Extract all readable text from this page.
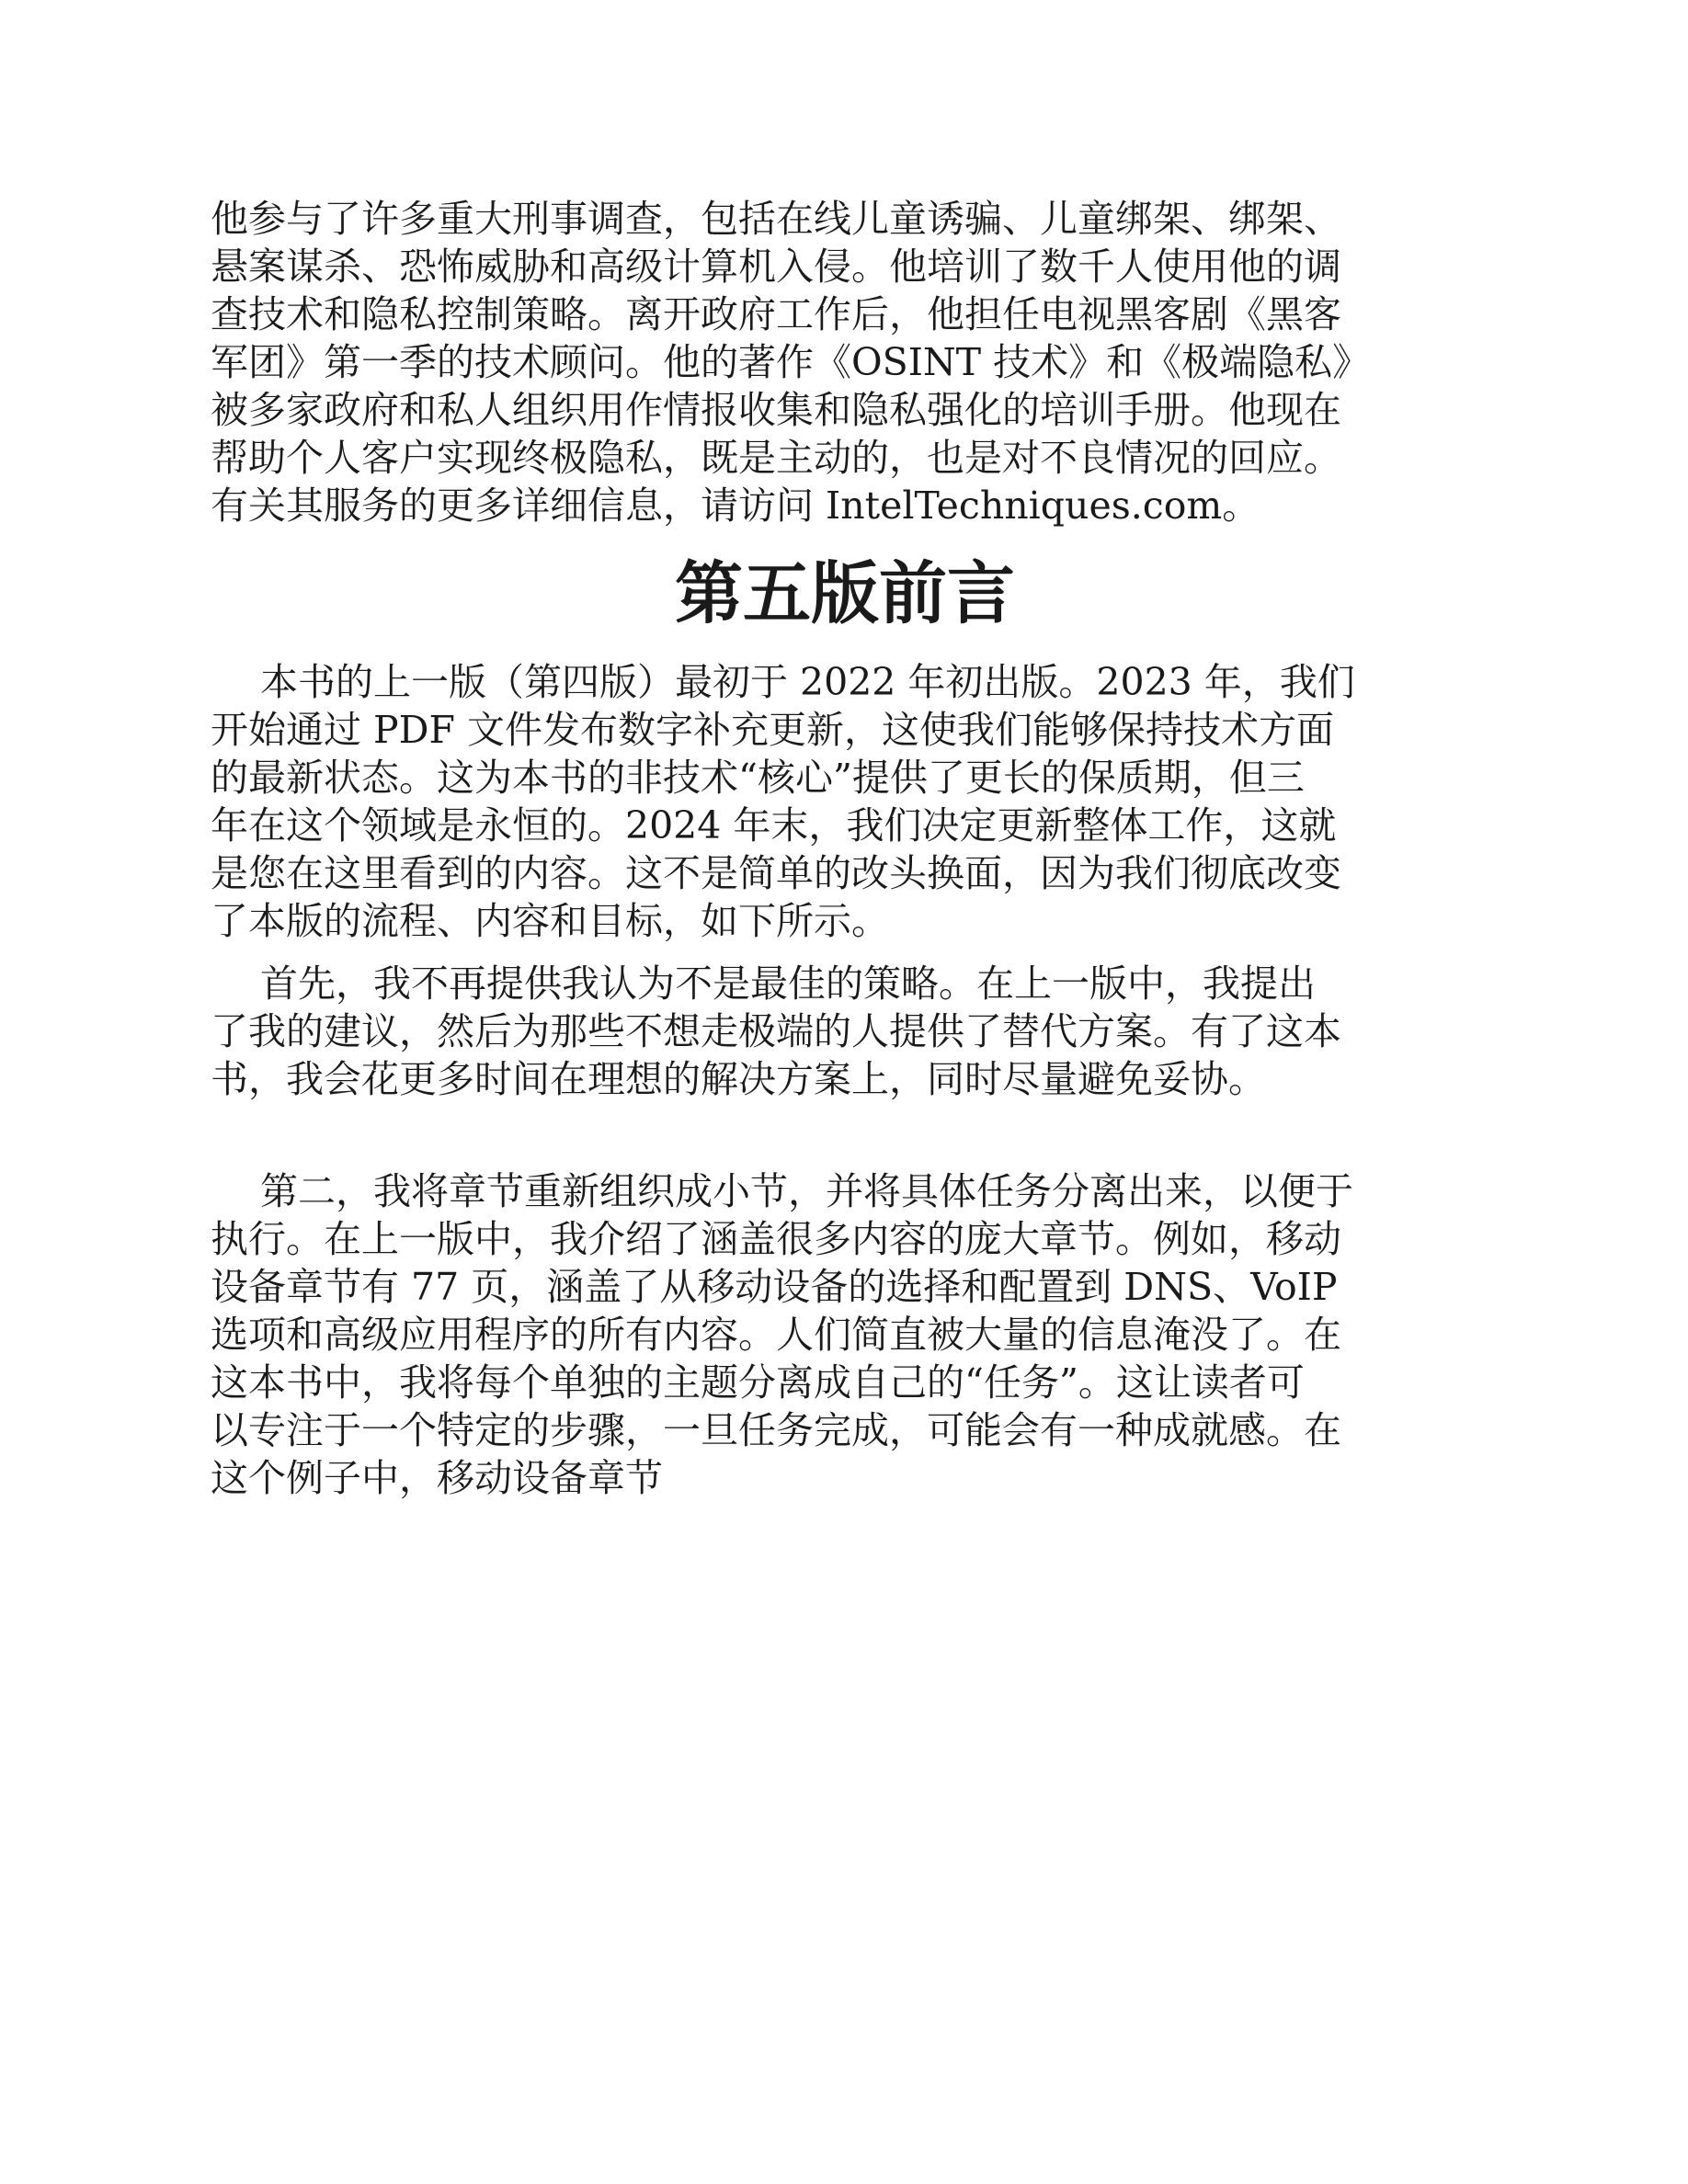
他参与了许多重大刑事调查，包括在线儿童诱骗、儿童绑架、绑架、
悬案谋杀、恐怖威胁和高级计算机入侵。他培训了数千人使用他的调
查技术和隐私控制策略。离开政府工作后，他担任电视黑客剧《黑客
军团》第一季的技术顾问。他的著作《OSINT 技术》和《极端隐私》
被多家政府和私人组织用作情报收集和隐私强化的培训手册。他现在
帮助个人客户实现终极隐私，既是主动的，也是对不良情况的回应。
有关其服务的更多详细信息，请访问 IntelTechniques.com。
第五版前言
本书的上一版（第四版）最初于 2022 年初出版。2023 年，我们
开始通过 PDF 文件发布数字补充更新，这使我们能够保持技术方面
的最新状态。这为本书的非技术“核心”提供了更长的保质期，但三
年在这个领域是永恒的。2024 年末，我们决定更新整体工作，这就
是您在这里看到的内容。这不是简单的改头换面，因为我们彻底改变
了本版的流程、内容和目标，如下所示。
首先，我不再提供我认为不是最佳的策略。在上一版中，我提出
了我的建议，然后为那些不想走极端的人提供了替代方案。有了这本
书，我会花更多时间在理想的解决方案上，同时尽量避免妥协。
第二，我将章节重新组织成小节，并将具体任务分离出来，以便于
执行。在上一版中，我介绍了涵盖很多内容的庞大章节。例如，移动
设备章节有 77 页，涵盖了从移动设备的选择和配置到 DNS、VoIP
选项和高级应用程序的所有内容。人们简直被大量的信息淹没了。在
这本书中，我将每个单独的主题分离成自己的“任务”。这让读者可
以专注于一个特定的步骤，一旦任务完成，可能会有一种成就感。在
这个例子中，移动设备章节
